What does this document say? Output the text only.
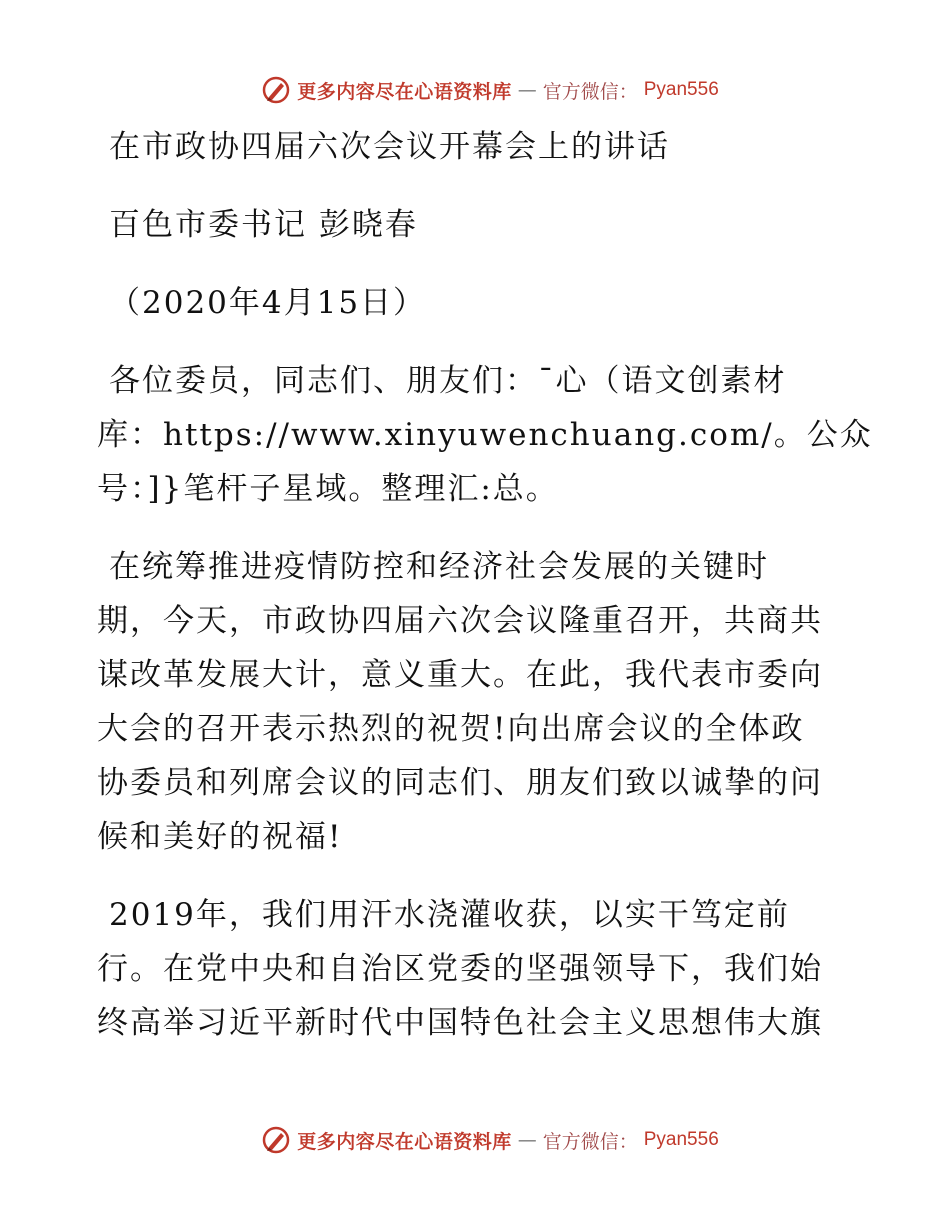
更多内容尽在心语资料库 — 官方微信： Pyan556
在市政协四届六次会议开幕会上的讲话
百色市委书记 彭晓春
（2020年4月15日）
各位委员，同志们、朋友们：¯心（语文创素材
库：https://www.xinyuwenchuang.com/。公众
号：]}笔杆子星域。整理汇:总。
在统筹推进疫情防控和经济社会发展的关键时
期，今天，市政协四届六次会议隆重召开，共商共
谋改革发展大计，意义重大。在此，我代表市委向
大会的召开表示热烈的祝贺!向出席会议的全体政
协委员和列席会议的同志们、朋友们致以诚挚的问
候和美好的祝福!
2019年，我们用汗水浇灌收获，以实干笃定前
行。在党中央和自治区党委的坚强领导下，我们始
终高举习近平新时代中国特色社会主义思想伟大旗
更多内容尽在心语资料库 — 官方微信： Pyan556
